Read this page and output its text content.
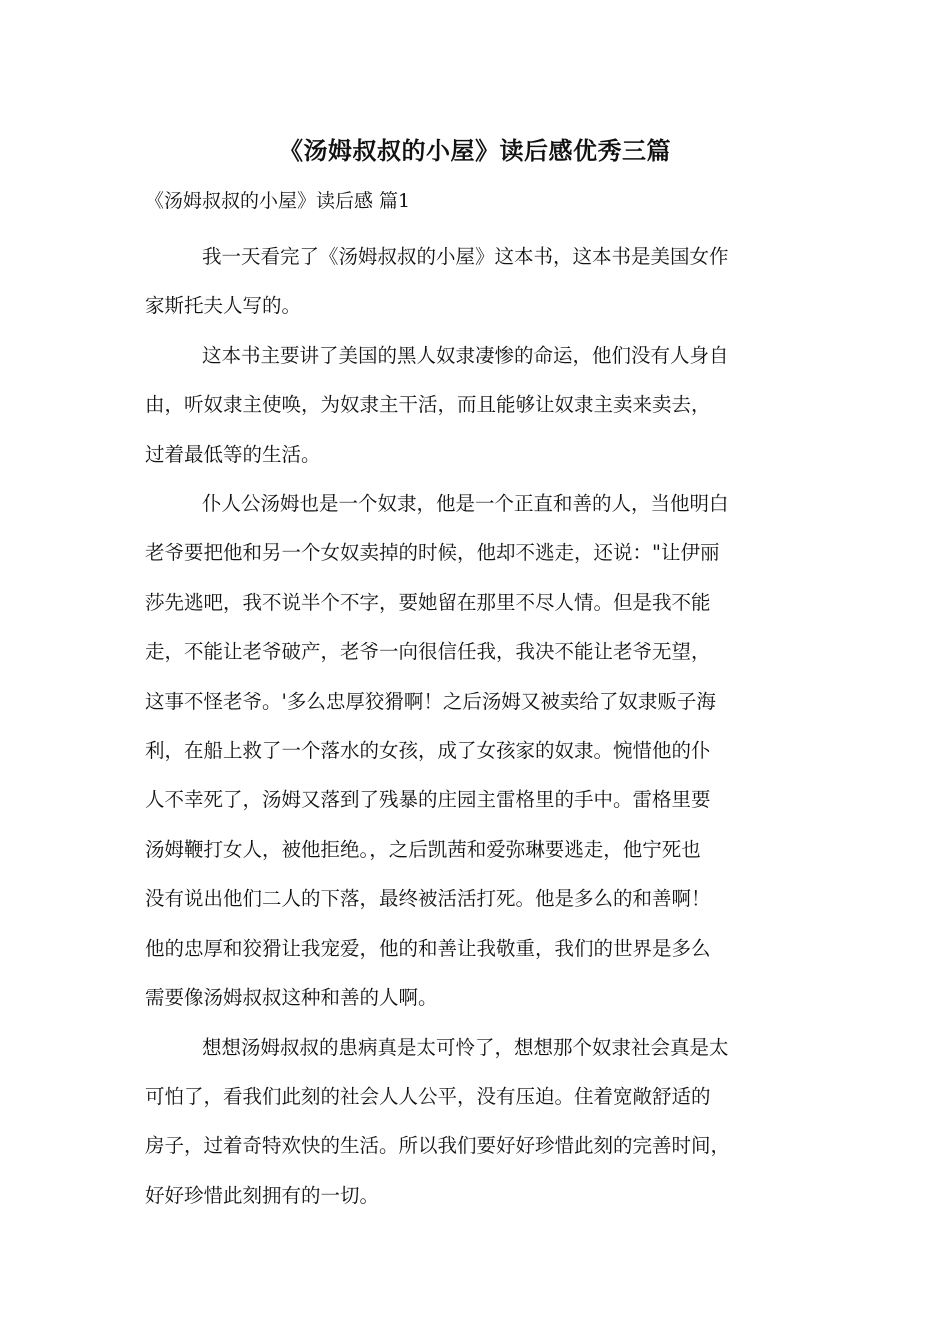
《汤姆叔叔的小屋》读后感优秀三篇
《汤姆叔叔的小屋》读后感 篇1

我一天看完了《汤姆叔叔的小屋》这本书，这本书是美国女作
家斯托夫人写的。

这本书主要讲了美国的黑人奴隶凄惨的命运，他们没有人身自
由，听奴隶主使唤，为奴隶主干活，而且能够让奴隶主卖来卖去，
过着最低等的生活。

仆人公汤姆也是一个奴隶，他是一个正直和善的人，当他明白
老爷要把他和另一个女奴卖掉的时候，他却不逃走，还说："让伊丽
莎先逃吧，我不说半个不字，要她留在那里不尽人情。但是我不能
走，不能让老爷破产，老爷一向很信任我，我决不能让老爷无望，
这事不怪老爷。'多么忠厚狡猾啊！之后汤姆又被卖给了奴隶贩子海
利，在船上救了一个落水的女孩，成了女孩家的奴隶。惋惜他的仆
人不幸死了，汤姆又落到了残暴的庄园主雷格里的手中。雷格里要
汤姆鞭打女人，被他拒绝。，之后凯茜和爱弥琳要逃走，他宁死也
没有说出他们二人的下落，最终被活活打死。他是多么的和善啊！
他的忠厚和狡猾让我宠爱，他的和善让我敬重，我们的世界是多么
需要像汤姆叔叔这种和善的人啊。

想想汤姆叔叔的患病真是太可怜了，想想那个奴隶社会真是太
可怕了，看我们此刻的社会人人公平，没有压迫。住着宽敞舒适的
房子，过着奇特欢快的生活。所以我们要好好珍惜此刻的完善时间，
好好珍惜此刻拥有的一切。
